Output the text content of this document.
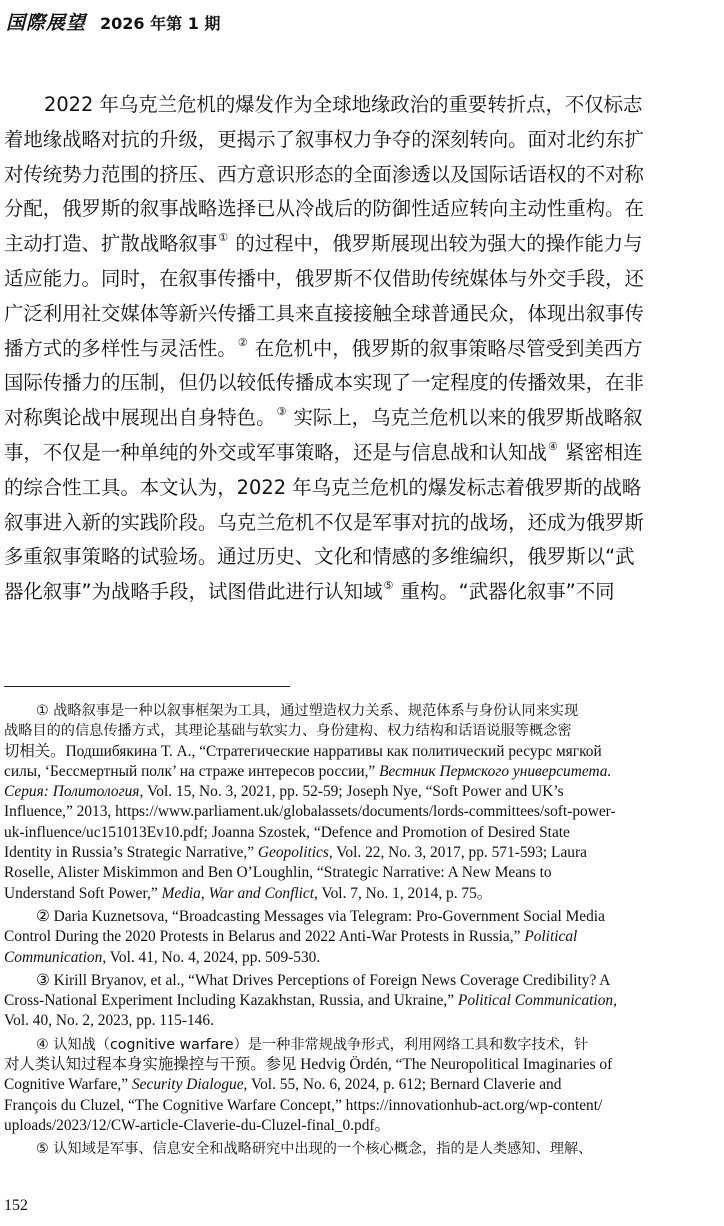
国際展望 2026 年第 1 期
2022 年乌克兰危机的爆发作为全球地缘政治的重要转折点，不仅标志
着地缘战略对抗的升级，更揭示了叙事权力争夺的深刻转向。面对北约东扩
对传统势力范围的挤压、西方意识形态的全面渗透以及国际话语权的不对称
分配，俄罗斯的叙事战略选择已从冷战后的防御性适应转向主动性重构。在
主动打造、扩散战略叙事① 的过程中，俄罗斯展现出较为强大的操作能力与
适应能力。同时，在叙事传播中，俄罗斯不仅借助传统媒体与外交手段，还
广泛利用社交媒体等新兴传播工具来直接接触全球普通民众，体现出叙事传
播方式的多样性与灵活性。② 在危机中，俄罗斯的叙事策略尽管受到美西方
国际传播力的压制，但仍以较低传播成本实现了一定程度的传播效果，在非
对称舆论战中展现出自身特色。③ 实际上，乌克兰危机以来的俄罗斯战略叙
事，不仅是一种单纯的外交或军事策略，还是与信息战和认知战④ 紧密相连
的综合性工具。本文认为，2022 年乌克兰危机的爆发标志着俄罗斯的战略
叙事进入新的实践阶段。乌克兰危机不仅是军事对抗的战场，还成为俄罗斯
多重叙事策略的试验场。通过历史、文化和情感的多维编织，俄罗斯以“武
器化叙事”为战略手段，试图借此进行认知域⑤ 重构。“武器化叙事”不同
① 战略叙事是一种以叙事框架为工具，通过塑造权力关系、规范体系与身份认同来实现
战略目的的信息传播方式，其理论基础与软实力、身份建构、权力结构和话语说服等概念密
切相关。Подшибякина Т. А., “Стратегические нарративы как политический ресурс мягкой
силы, ‘Бессмертный полк’ на страже интересов россии,” Вестник Пермского университета.
Серия: Политология, Vol. 15, No. 3, 2021, pp. 52-59; Joseph Nye, “Soft Power and UK’s
Influence,” 2013, https://www.parliament.uk/globalassets/documents/lords-committees/soft-power-
uk-influence/uc151013Ev10.pdf; Joanna Szostek, “Defence and Promotion of Desired State
Identity in Russia’s Strategic Narrative,” Geopolitics, Vol. 22, No. 3, 2017, pp. 571-593; Laura
Roselle, Alister Miskimmon and Ben O’Loughlin, “Strategic Narrative: A New Means to
Understand Soft Power,” Media, War and Conflict, Vol. 7, No. 1, 2014, p. 75。
② Daria Kuznetsova, “Broadcasting Messages via Telegram: Pro-Government Social Media
Control During the 2020 Protests in Belarus and 2022 Anti-War Protests in Russia,” Political
Communication, Vol. 41, No. 4, 2024, pp. 509-530.
③ Kirill Bryanov, et al., “What Drives Perceptions of Foreign News Coverage Credibility? A
Cross-National Experiment Including Kazakhstan, Russia, and Ukraine,” Political Communication,
Vol. 40, No. 2, 2023, pp. 115-146.
④ 认知战（cognitive warfare）是一种非常规战争形式，利用网络工具和数字技术，针
对人类认知过程本身实施操控与干预。参见 Hedvig Ördén, “The Neuropolitical Imaginaries of
Cognitive Warfare,” Security Dialogue, Vol. 55, No. 6, 2024, p. 612; Bernard Claverie and
François du Cluzel, “The Cognitive Warfare Concept,” https://innovationhub-act.org/wp-content/
uploads/2023/12/CW-article-Claverie-du-Cluzel-final_0.pdf。
⑤ 认知域是军事、信息安全和战略研究中出现的一个核心概念，指的是人类感知、理解、
152
